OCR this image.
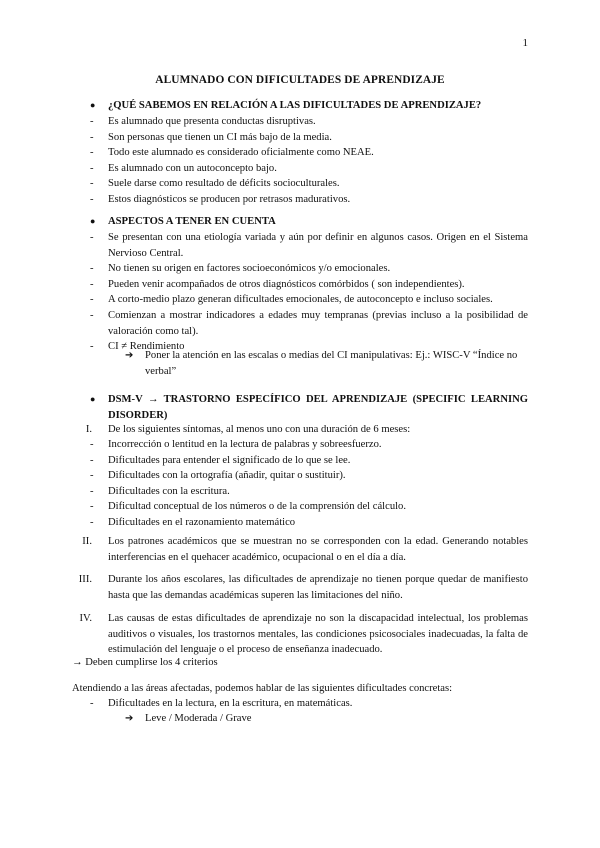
1
ALUMNADO CON DIFICULTADES DE APRENDIZAJE
● ¿QUÉ SABEMOS EN RELACIÓN A LAS DIFICULTADES DE APRENDIZAJE?
- Es alumnado que presenta conductas disruptivas.
- Son personas que tienen un CI más bajo de la media.
- Todo este alumnado es considerado oficialmente como NEAE.
- Es alumnado con un autoconcepto bajo.
- Suele darse como resultado de déficits socioculturales.
- Estos diagnósticos se producen por retrasos madurativos.
● ASPECTOS A TENER EN CUENTA
- Se presentan con una etiología variada y aún por definir en algunos casos. Origen en el Sistema Nervioso Central.
- No tienen su origen en factores socioeconómicos y/o emocionales.
- Pueden venir acompañados de otros diagnósticos comórbidos ( son independientes).
- A corto-medio plazo generan dificultades emocionales, de autoconcepto e incluso sociales.
- Comienzan a mostrar indicadores a edades muy tempranas (previas incluso a la posibilidad de valoración como tal).
- CI ≠ Rendimiento
➔ Poner la atención en las escalas o medias del CI manipulativas: Ej.: WISC-V “Índice no verbal”
● DSM-V → TRASTORNO ESPECÍFICO DEL APRENDIZAJE (SPECIFIC LEARNING DISORDER)
I. De los siguientes síntomas, al menos uno con una duración de 6 meses:
- Incorrección o lentitud en la lectura de palabras y sobreesfuerzo.
- Dificultades para entender el significado de lo que se lee.
- Dificultades con la ortografía (añadir, quitar o sustituir).
- Dificultades con la escritura.
- Dificultad conceptual de los números o de la comprensión del cálculo.
- Dificultades en el razonamiento matemático
II. Los patrones académicos que se muestran no se corresponden con la edad. Generando notables interferencias en el quehacer académico, ocupacional o en el día a día.
III. Durante los años escolares, las dificultades de aprendizaje no tienen porque quedar de manifiesto hasta que las demandas académicas superen las limitaciones del niño.
IV. Las causas de estas dificultades de aprendizaje no son la discapacidad intelectual, los problemas auditivos o visuales, los trastornos mentales, las condiciones psicosociales inadecuadas, la falta de estimulación del lenguaje o el proceso de enseñanza inadecuado.
→ Deben cumplirse los 4 criterios
Atendiendo a las áreas afectadas, podemos hablar de las siguientes dificultades concretas:
- Dificultades en la lectura, en la escritura, en matemáticas.
➔ Leve / Moderada / Grave
